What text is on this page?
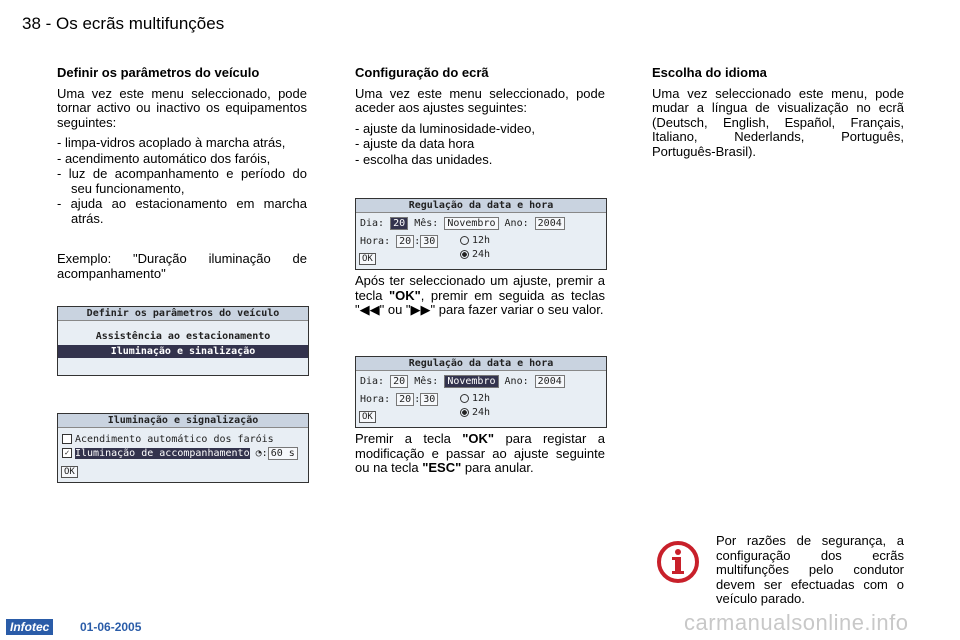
38 - Os ecrãs multifunções
Definir os parâmetros do veículo

Uma vez este menu seleccionado, pode tornar activo ou inactivo os equipamentos seguintes:

- limpa-vidros acoplado à marcha atrás,
- acendimento automático dos faróis,
- luz de acompanhamento e período do seu funcionamento,
- ajuda ao estacionamento em marcha atrás.

Exemplo: "Duração iluminação de acompanhamento"

Definir os parâmetros do veículo
Assistência ao estacionamento
Iluminação e sinalização
Iluminação e signalização
Acendimento automático dos faróis
✓ Iluminação de accompanhamento ◔: 60 s
OK
Configuração do ecrã

Uma vez este menu seleccionado, pode aceder aos ajustes seguintes:

- ajuste da luminosidade-video,
- ajuste da data hora
- escolha das unidades.
Regulação da data e hora
Dia: 20 Mês: Novembro Ano: 2004
Hora: 20 : 30	12h
24h
OK

Após ter seleccionado um ajuste, premir a tecla "OK", premir em seguida as teclas "◀◀" ou "▶▶" para fazer variar o seu valor.

Regulação da data e hora
Dia: 20 Mês: Novembro Ano: 2004
Hora: 20 : 30	12h
24h
OK

Premir a tecla "OK" para registar a modificação e passar ao ajuste seguinte ou na tecla "ESC" para anular.

Escolha do idioma

Uma vez seleccionado este menu, pode mudar a língua de visualização no ecrã (Deutsch, English, Español, Français, Italiano, Nederlands, Português, Português-Brasil).

Por razões de segurança, a configuração dos ecrãs multifunções pelo condutor devem ser efectuadas com o veículo parado.
Infotec	01-06-2005	carmanualsonline.info
